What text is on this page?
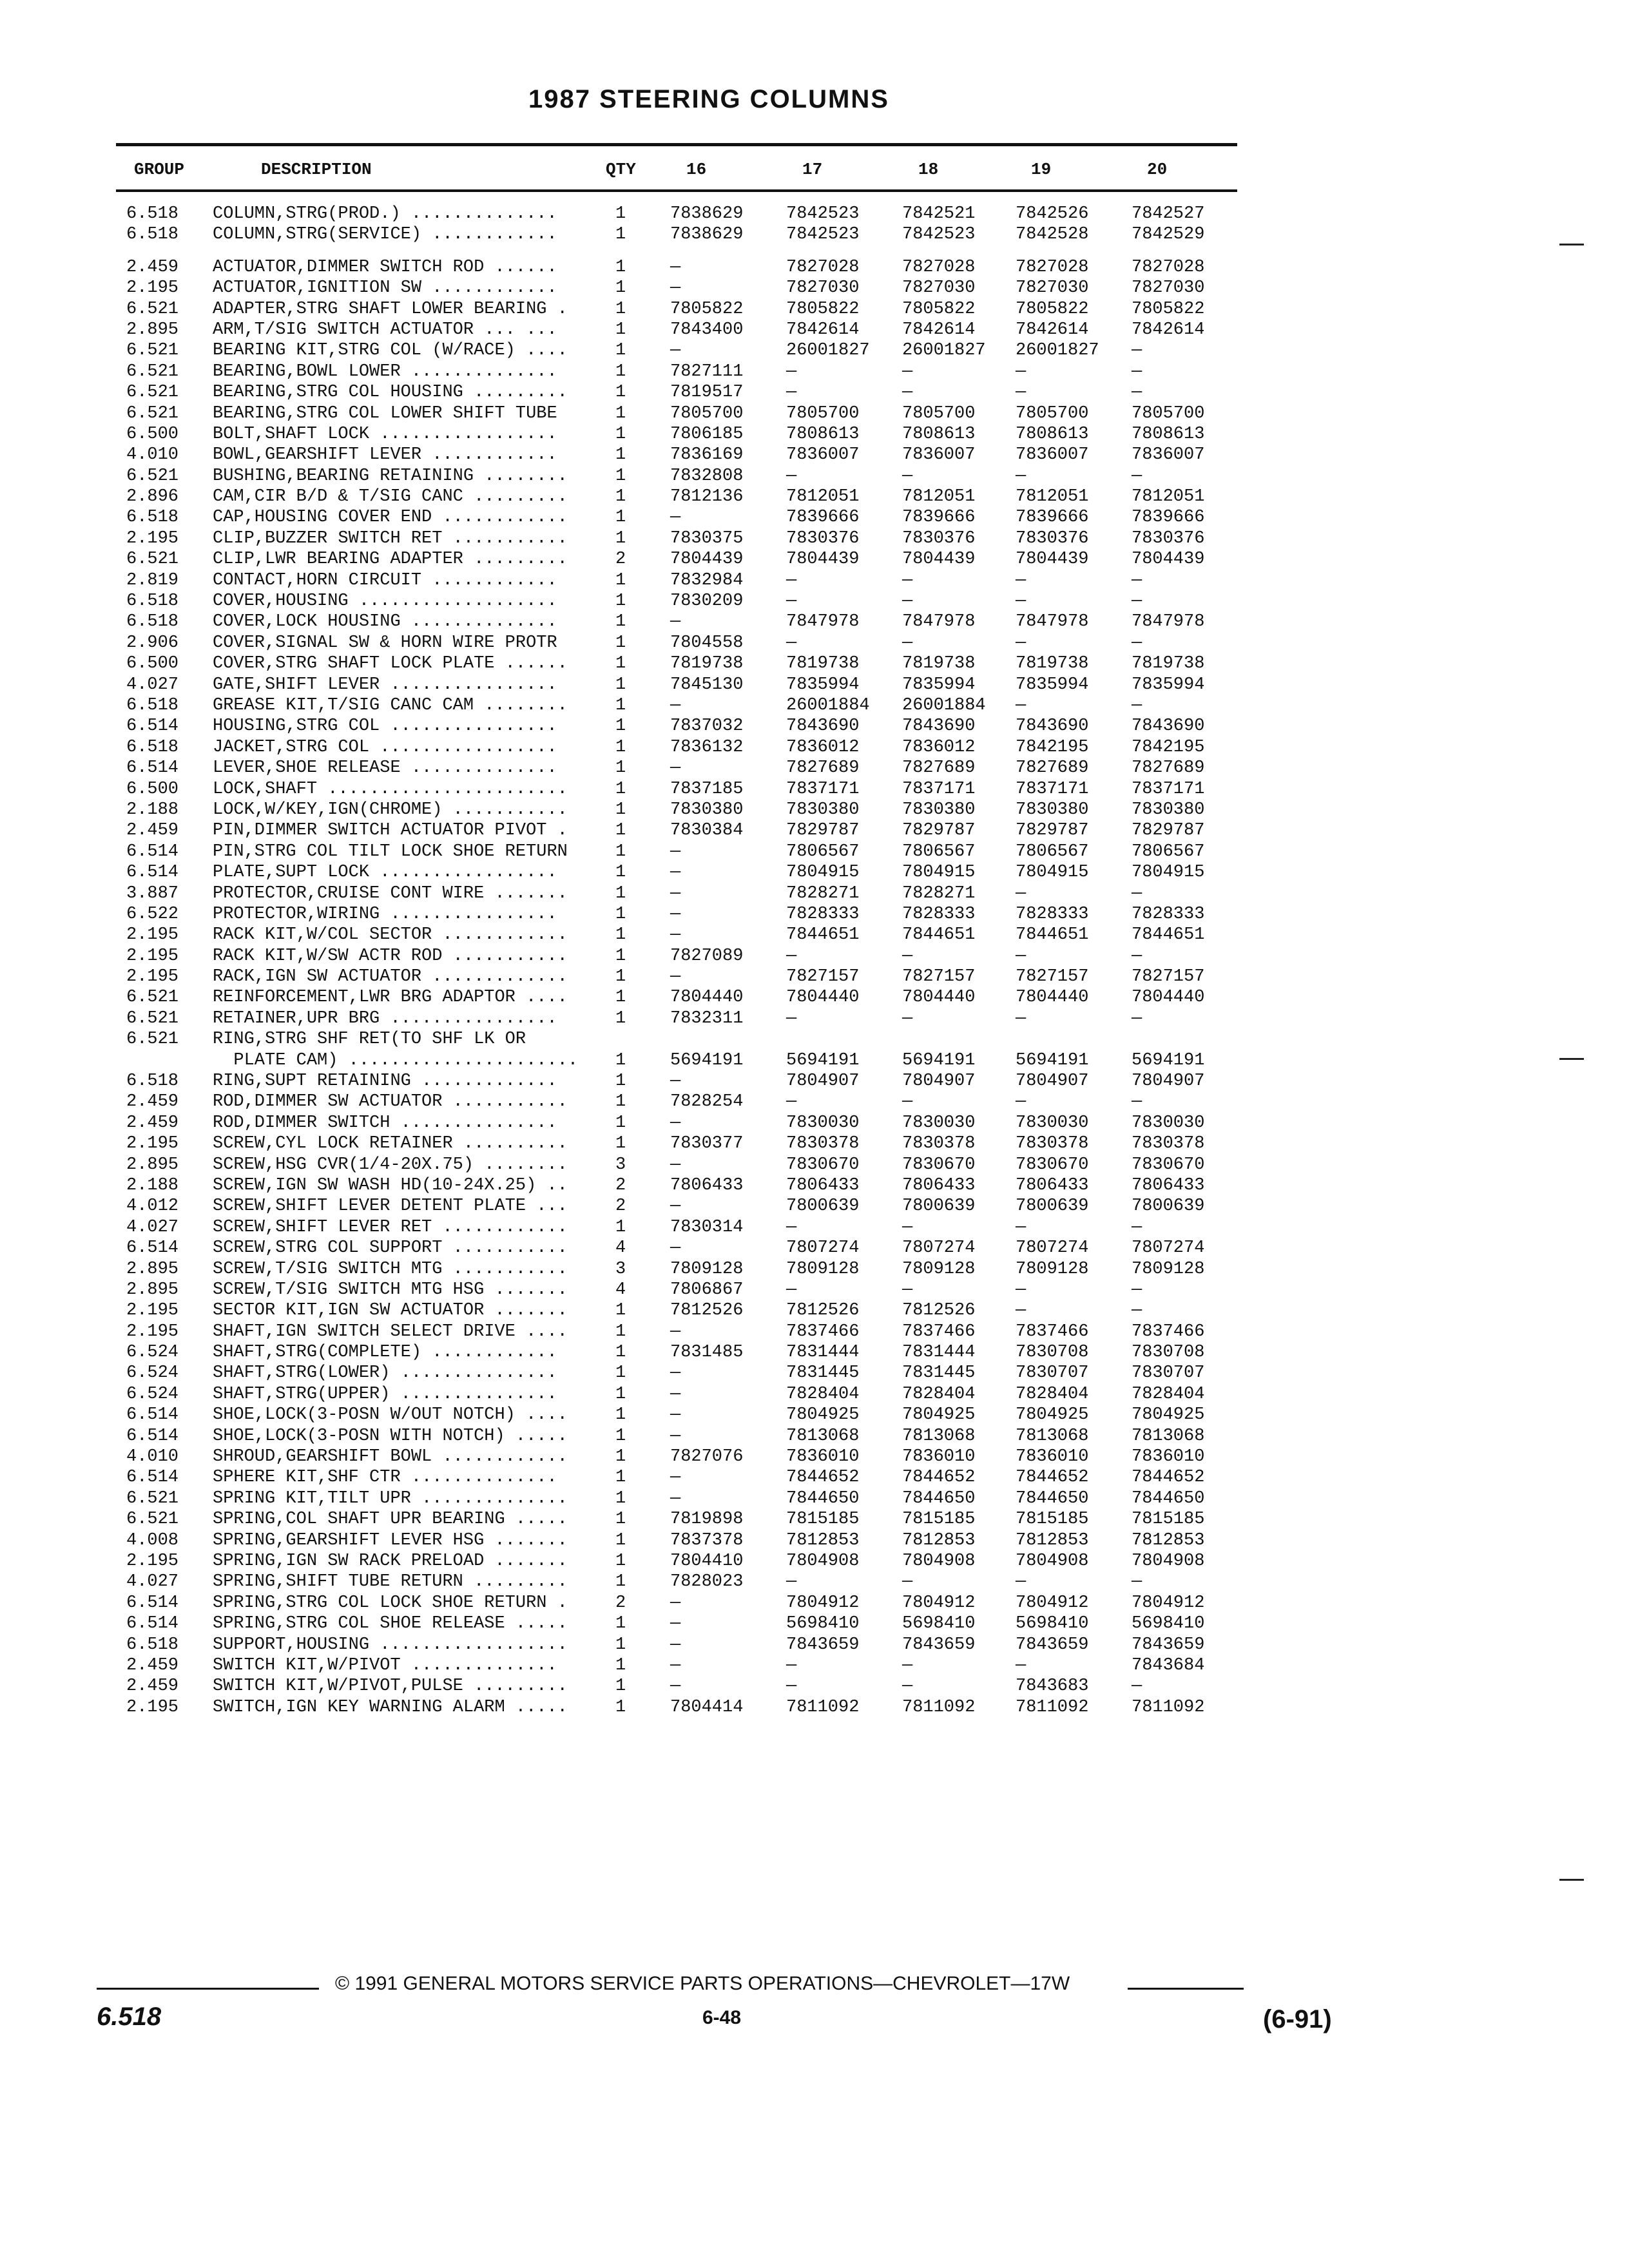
1987 STEERING COLUMNS
GROUP	DESCRIPTION	QTY	16	17	18	19	20
6.518 COLUMN,STRG(PROD.) ..............	1	7838629 7842523 7842521 7842526 7842527
6.518 COLUMN,STRG(SERVICE) ............	1	7838629 7842523 7842523 7842528 7842529
2.459 ACTUATOR,DIMMER SWITCH ROD ......	1	—	7827028 7827028 7827028 7827028
2.195 ACTUATOR,IGNITION SW ............	1	—	7827030 7827030 7827030 7827030
6.521 ADAPTER,STRG SHAFT LOWER BEARING .	1	7805822 7805822 7805822 7805822 7805822
2.895 ARM,T/SIG SWITCH ACTUATOR ... ...	1	7843400 7842614 7842614 7842614 7842614
6.521 BEARING KIT,STRG COL (W/RACE) ....	1	—	26001827 26001827 26001827 —
6.521 BEARING,BOWL LOWER ..............	1	7827111 —	—	—	—
6.521 BEARING,STRG COL HOUSING .........	1	7819517 —	—	—	—
6.521 BEARING,STRG COL LOWER SHIFT TUBE	1	7805700 7805700 7805700 7805700 7805700
6.500 BOLT,SHAFT LOCK .................	1	7806185 7808613 7808613 7808613 7808613
4.010 BOWL,GEARSHIFT LEVER ............	1	7836169 7836007 7836007 7836007 7836007
6.521 BUSHING,BEARING RETAINING ........	1	7832808 —	—	—	—
2.896 CAM,CIR B/D & T/SIG CANC .........	1	7812136 7812051 7812051 7812051 7812051
6.518 CAP,HOUSING COVER END ............	1	—	7839666 7839666 7839666 7839666
2.195 CLIP,BUZZER SWITCH RET ...........	1	7830375 7830376 7830376 7830376 7830376
6.521 CLIP,LWR BEARING ADAPTER .........	2	7804439 7804439 7804439 7804439 7804439
2.819 CONTACT,HORN CIRCUIT ............	1	7832984 —	—	—	—
6.518 COVER,HOUSING ...................	1	7830209 —	—	—	—
6.518 COVER,LOCK HOUSING ..............	1	—	7847978 7847978 7847978 7847978
2.906 COVER,SIGNAL SW & HORN WIRE PROTR	1	7804558 —	—	—	—
6.500 COVER,STRG SHAFT LOCK PLATE ......	1	7819738 7819738 7819738 7819738 7819738
4.027 GATE,SHIFT LEVER ................	1	7845130 7835994 7835994 7835994 7835994
6.518 GREASE KIT,T/SIG CANC CAM ........	1	—	26001884 26001884 —	—
6.514 HOUSING,STRG COL ................	1	7837032 7843690 7843690 7843690 7843690
6.518 JACKET,STRG COL .................	1	7836132 7836012 7836012 7842195 7842195
6.514 LEVER,SHOE RELEASE ..............	1	—	7827689 7827689 7827689 7827689
6.500 LOCK,SHAFT .......................	1	7837185 7837171 7837171 7837171 7837171
2.188 LOCK,W/KEY,IGN(CHROME) ...........	1	7830380 7830380 7830380 7830380 7830380
2.459 PIN,DIMMER SWITCH ACTUATOR PIVOT .	1	7830384 7829787 7829787 7829787 7829787
6.514 PIN,STRG COL TILT LOCK SHOE RETURN	1	—	7806567 7806567 7806567 7806567
6.514 PLATE,SUPT LOCK .................	1	—	7804915 7804915 7804915 7804915
3.887 PROTECTOR,CRUISE CONT WIRE .......	1	—	7828271 7828271 —	—
6.522 PROTECTOR,WIRING ................	1	—	7828333 7828333 7828333 7828333
2.195 RACK KIT,W/COL SECTOR ............	1	—	7844651 7844651 7844651 7844651
2.195 RACK KIT,W/SW ACTR ROD ...........	1	7827089 —	—	—	—
2.195 RACK,IGN SW ACTUATOR .............	1	—	7827157 7827157 7827157 7827157
6.521 REINFORCEMENT,LWR BRG ADAPTOR ....	1	7804440 7804440 7804440 7804440 7804440
6.521 RETAINER,UPR BRG ................	1	7832311 —	—	—	—
6.521 RING,STRG SHF RET(TO SHF LK OR
PLATE CAM) ...................... 1	5694191 5694191 5694191 5694191 5694191
6.518 RING,SUPT RETAINING .............	1	—	7804907 7804907 7804907 7804907
2.459 ROD,DIMMER SW ACTUATOR ...........	1	7828254 —	—	—	—
2.459 ROD,DIMMER SWITCH ...............	1	—	7830030 7830030 7830030 7830030
2.195 SCREW,CYL LOCK RETAINER ..........	1	7830377 7830378 7830378 7830378 7830378
2.895 SCREW,HSG CVR(1/4-20X.75) ........	3	—	7830670 7830670 7830670 7830670
2.188 SCREW,IGN SW WASH HD(10-24X.25) ..	2	7806433 7806433 7806433 7806433 7806433
4.012 SCREW,SHIFT LEVER DETENT PLATE ...	2	—	7800639 7800639 7800639 7800639
4.027 SCREW,SHIFT LEVER RET ............	1	7830314 —	—	—	—
6.514 SCREW,STRG COL SUPPORT ...........	4	—	7807274 7807274 7807274 7807274
2.895 SCREW,T/SIG SWITCH MTG ...........	3	7809128 7809128 7809128 7809128 7809128
2.895 SCREW,T/SIG SWITCH MTG HSG .......	4	7806867 —	—	—	—
2.195 SECTOR KIT,IGN SW ACTUATOR .......	1	7812526 7812526 7812526 —	—
2.195 SHAFT,IGN SWITCH SELECT DRIVE ....	1	—	7837466 7837466 7837466 7837466
6.524 SHAFT,STRG(COMPLETE) ............	1	7831485 7831444 7831444 7830708 7830708
6.524 SHAFT,STRG(LOWER) ...............	1	—	7831445 7831445 7830707 7830707
6.524 SHAFT,STRG(UPPER) ...............	1	—	7828404 7828404 7828404 7828404
6.514 SHOE,LOCK(3-POSN W/OUT NOTCH) ....	1	—	7804925 7804925 7804925 7804925
6.514 SHOE,LOCK(3-POSN WITH NOTCH) .....	1	—	7813068 7813068 7813068 7813068
4.010 SHROUD,GEARSHIFT BOWL ............	1	7827076 7836010 7836010 7836010 7836010
6.514 SPHERE KIT,SHF CTR ..............	1	—	7844652 7844652 7844652 7844652
6.521 SPRING KIT,TILT UPR ..............	1	—	7844650 7844650 7844650 7844650
6.521 SPRING,COL SHAFT UPR BEARING .....	1	7819898 7815185 7815185 7815185 7815185
4.008 SPRING,GEARSHIFT LEVER HSG .......	1	7837378 7812853 7812853 7812853 7812853
2.195 SPRING,IGN SW RACK PRELOAD .......	1	7804410 7804908 7804908 7804908 7804908
4.027 SPRING,SHIFT TUBE RETURN .........	1	7828023 —	—	—	—
6.514 SPRING,STRG COL LOCK SHOE RETURN .	2	—	7804912 7804912 7804912 7804912
6.514 SPRING,STRG COL SHOE RELEASE .....	1	—	5698410 5698410 5698410 5698410
6.518 SUPPORT,HOUSING ..................	1	—	7843659 7843659 7843659 7843659
2.459 SWITCH KIT,W/PIVOT ..............	1	—	—	—	—	7843684
2.459 SWITCH KIT,W/PIVOT,PULSE .........	1	—	—	—	7843683 —
2.195 SWITCH,IGN KEY WARNING ALARM .....	1	7804414 7811092 7811092 7811092 7811092
© 1991 GENERAL MOTORS SERVICE PARTS OPERATIONS—CHEVROLET—17W
6.518	6-48	(6-91)
